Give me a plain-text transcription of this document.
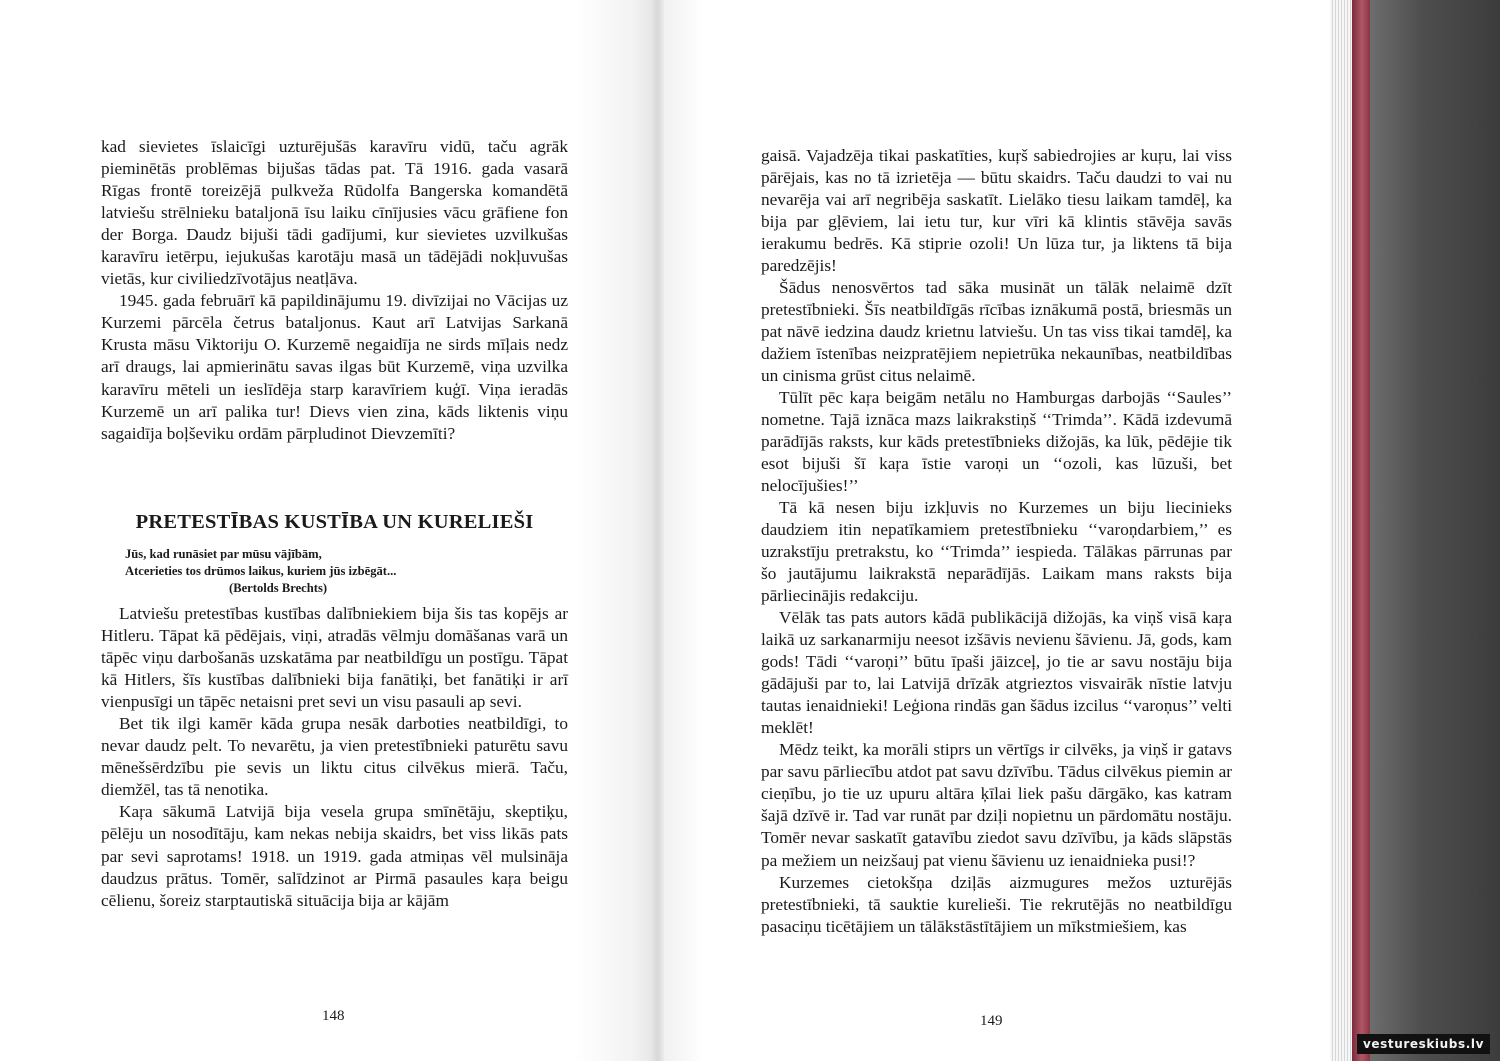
kad sievietes īslaicīgi uzturējušās karavīru vidū, taču agrāk pieminētās problēmas bijušas tādas pat. Tā 1916. gada vasarā Rīgas frontē toreizējā pulkveža Rūdolfa Bangerska komandētā latviešu strēlnieku bataljonā īsu laiku cīnījusies vācu grāfiene fon der Borga. Daudz bijuši tādi gadījumi, kur sievietes uzvilkušas karavīru ietērpu, iejukušas karotāju masā un tādējādi nokļuvušas vietās, kur civiliedzīvotājus neatļāva.

1945. gada februārī kā papildinājumu 19. divīzijai no Vācijas uz Kurzemi pārcēla četrus bataljonus. Kaut arī Latvijas Sarkanā Krusta māsu Viktoriju O. Kurzemē negaidīja ne sirds mīļais nedz arī draugs, lai apmierinātu savas ilgas būt Kurzemē, viņa uzvilka karavīru mēteli un ieslīdēja starp karavīriem kuģī. Viņa ieradās Kurzemē un arī palika tur! Dievs vien zina, kāds liktenis viņu sagaidīja boļševiku ordām pārpludinot Dievzemīti?

PRETESTĪBAS KUSTĪBA UN KURELIEŠI
Jūs, kad runāsiet par mūsu vājībām,
Atcerieties tos drūmos laikus, kuriem jūs izbēgāt...
(Bertolds Brechts)

Latviešu pretestības kustības dalībniekiem bija šis tas kopējs ar Hitleru. Tāpat kā pēdējais, viņi, atradās vēlmju domāšanas varā un tāpēc viņu darbošanās uzskatāma par neatbildīgu un postīgu. Tāpat kā Hitlers, šīs kustības dalībnieki bija fanātiķi, bet fanātiķi ir arī vienpusīgi un tāpēc netaisni pret sevi un visu pasauli ap sevi.

Bet tik ilgi kamēr kāda grupa nesāk darboties neatbildīgi, to nevar daudz pelt. To nevarētu, ja vien pretestībnieki paturētu savu mēnešsērdzību pie sevis un liktu citus cilvēkus mierā. Taču, diemžēl, tas tā nenotika.

Kaŗa sākumā Latvijā bija vesela grupa smīnētāju, skeptiķu, pēlēju un nosodītāju, kam nekas nebija skaidrs, bet viss likās pats par sevi saprotams! 1918. un 1919. gada atmiņas vēl mulsināja daudzus prātus. Tomēr, salīdzinot ar Pirmā pasaules kaŗa beigu cēlienu, šoreiz starptautiskā situācija bija ar kājām

148

gaisā. Vajadzēja tikai paskatīties, kuŗš sabiedrojies ar kuŗu, lai viss pārējais, kas no tā izrietēja — būtu skaidrs. Taču daudzi to vai nu nevarēja vai arī negribēja saskatīt. Lielāko tiesu laikam tamdēļ, ka bija par gļēviem, lai ietu tur, kur vīri kā klintis stāvēja savās ierakumu bedrēs. Kā stiprie ozoli! Un lūza tur, ja liktens tā bija paredzējis!

Šādus nenosvērtos tad sāka musināt un tālāk nelaimē dzīt pretestībnieki. Šīs neatbildīgās rīcības iznākumā postā, briesmās un pat nāvē iedzina daudz krietnu latviešu. Un tas viss tikai tamdēļ, ka dažiem īstenības neizpratējiem nepietrūka nekaunības, neatbildības un cinisma grūst citus nelaimē.

Tūlīt pēc kaŗa beigām netālu no Hamburgas darbojās ‘‘Saules’’ nometne. Tajā iznāca mazs laikrakstiņš ‘‘Trimda’’. Kādā izdevumā parādījās raksts, kur kāds pretestībnieks dižojās, ka lūk, pēdējie tik esot bijuši šī kaŗa īstie varoņi un ‘‘ozoli, kas lūzuši, bet nelocījušies!’’

Tā kā nesen biju izkļuvis no Kurzemes un biju liecinieks daudziem itin nepatīkamiem pretestībnieku ‘‘varoņdarbiem,’’ es uzrakstīju pretrakstu, ko ‘‘Trimda’’ iespieda. Tālākas pārrunas par šo jautājumu laikrakstā neparādījās. Laikam mans raksts bija pārliecinājis redakciju.

Vēlāk tas pats autors kādā publikācijā dižojās, ka viņš visā kaŗa laikā uz sarkanarmiju neesot izšāvis nevienu šāvienu. Jā, gods, kam gods! Tādi ‘‘varoņi’’ būtu īpaši jāizceļ, jo tie ar savu nostāju bija gādājuši par to, lai Latvijā drīzāk atgrieztos visvairāk nīstie latvju tautas ienaidnieki! Leģiona rindās gan šādus izcilus ‘‘varoņus’’ velti meklēt!

Mēdz teikt, ka morāli stiprs un vērtīgs ir cilvēks, ja viņš ir gatavs par savu pārliecību atdot pat savu dzīvību. Tādus cilvēkus piemin ar cieņību, jo tie uz upuru altāra ķīlai liek pašu dārgāko, kas katram šajā dzīvē ir. Tad var runāt par dziļi nopietnu un pārdomātu nostāju. Tomēr nevar saskatīt gatavību ziedot savu dzīvību, ja kāds slāpstās pa mežiem un neizšauj pat vienu šāvienu uz ienaidnieka pusi!?

Kurzemes cietokšņa dziļās aizmugures mežos uzturējās pretestībnieki, tā sauktie kurelieši. Tie rekrutējās no neatbildīgu pasaciņu ticētājiem un tālākstāstītājiem un mīkstmiešiem, kas

149
vestureskiubs.lv
